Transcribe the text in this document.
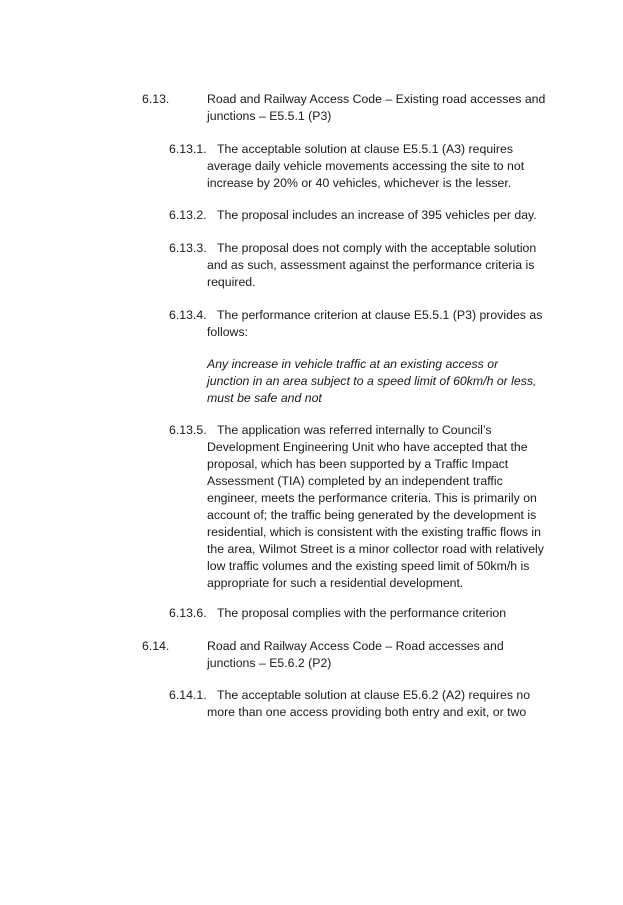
6.13.	Road and Railway Access Code – Existing road accesses and
junctions – E5.5.1 (P3)
6.13.1. The acceptable solution at clause E5.5.1 (A3) requires
average daily vehicle movements accessing the site to not
increase by 20% or 40 vehicles, whichever is the lesser.
6.13.2. The proposal includes an increase of 395 vehicles per day.
6.13.3. The proposal does not comply with the acceptable solution
and as such, assessment against the performance criteria is
required.
6.13.4. The performance criterion at clause E5.5.1 (P3) provides as
follows:
Any increase in vehicle traffic at an existing access or
junction in an area subject to a speed limit of 60km/h or less,
must be safe and not
6.13.5. The application was referred internally to Council’s
Development Engineering Unit who have accepted that the
proposal, which has been supported by a Traffic Impact
Assessment (TIA) completed by an independent traffic
engineer, meets the performance criteria. This is primarily on
account of; the traffic being generated by the development is
residential, which is consistent with the existing traffic flows in
the area, Wilmot Street is a minor collector road with relatively
low traffic volumes and the existing speed limit of 50km/h is
appropriate for such a residential development.
6.13.6. The proposal complies with the performance criterion
6.14.	Road and Railway Access Code – Road accesses and
junctions – E5.6.2 (P2)
6.14.1. The acceptable solution at clause E5.6.2 (A2) requires no
more than one access providing both entry and exit, or two
